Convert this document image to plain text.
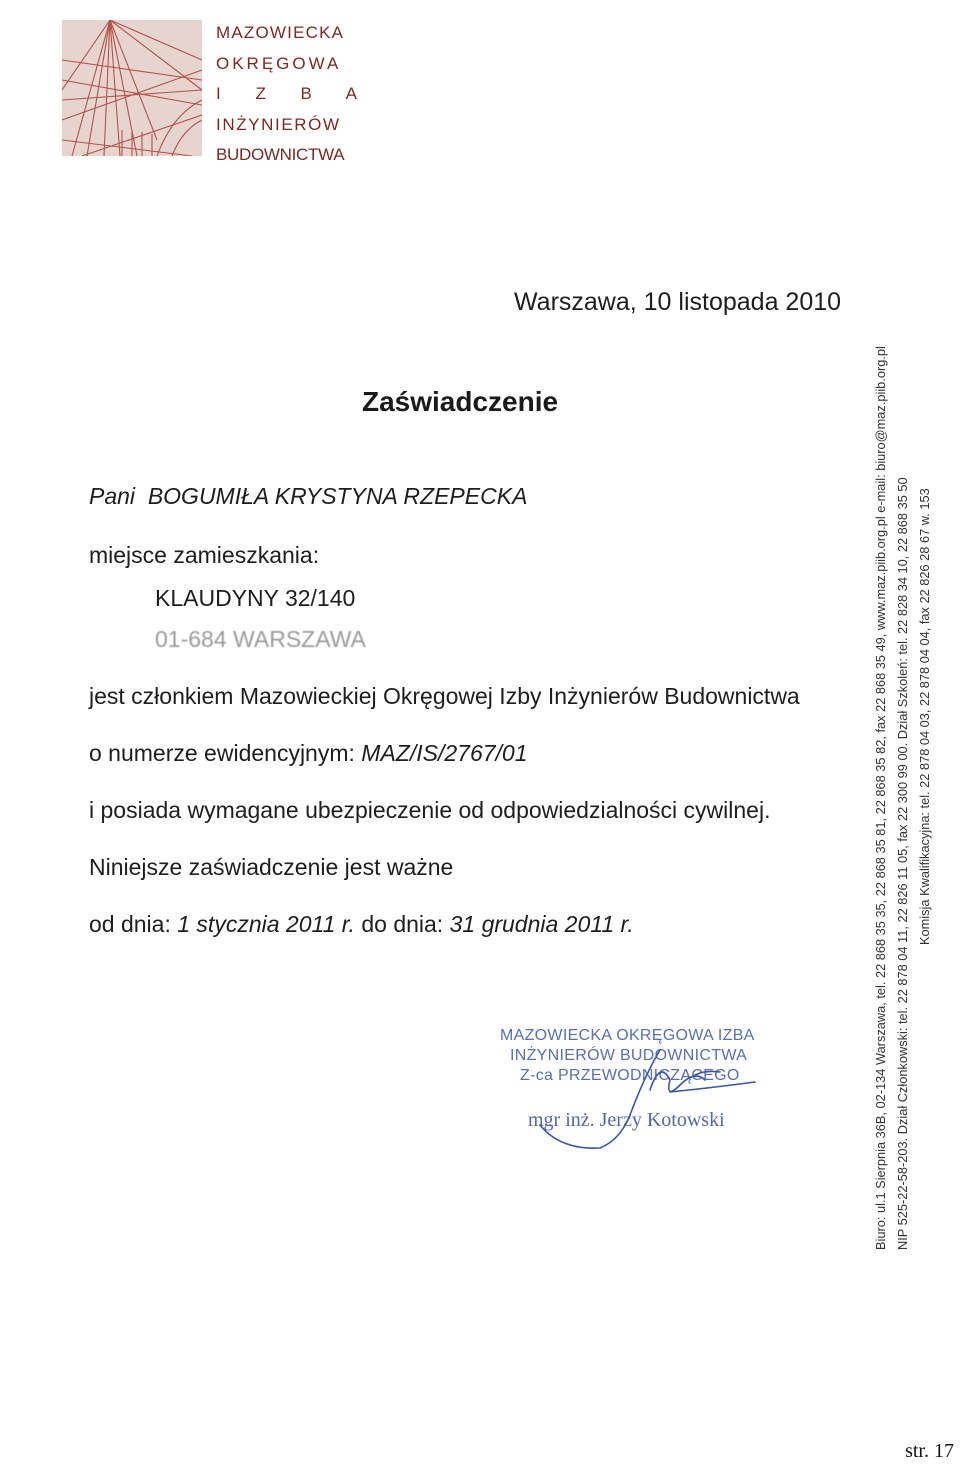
MAZOWIECKA
OKRĘGOWA
I Z B A
INŻYNIERÓW
BUDOWNICTWA
Warszawa, 10 listopada 2010
Zaświadczenie
Pani BOGUMIŁA KRYSTYNA RZEPECKA
miejsce zamieszkania:
KLAUDYNY 32/140
01-684 WARSZAWA
jest członkiem Mazowieckiej Okręgowej Izby Inżynierów Budownictwa
o numerze ewidencyjnym: MAZ/IS/2767/01
i posiada wymagane ubezpieczenie od odpowiedzialności cywilnej.
Niniejsze zaświadczenie jest ważne
od dnia: 1 stycznia 2011 r. do dnia: 31 grudnia 2011 r.
MAZOWIECKA OKRĘGOWA IZBA
INŻYNIERÓW BUDOWNICTWA
Z-ca PRZEWODNICZĄCEGO
mgr inż. Jerzy Kotowski	Biuro: ul.1 Sierpnia 36B, 02-134 Warszawa, tel. 22 868 35 35, 22 868 35 81, 22 868 35 82, fax 22 868 35 49, www.maz.piib.org.pl e-mail: biuro@maz.piib.org.pl NIP 525-22-58-203. Dział Członkowski: tel. 22 878 04 11, 22 826 11 05, fax 22 300 99 00. Dział Szkoleń: tel. 22 828 34 10, 22 868 35 50 Komisja Kwalifikacyjna: tel. 22 878 04 03, 22 878 04 04, fax 22 826 28 67 w. 153
str. 17
